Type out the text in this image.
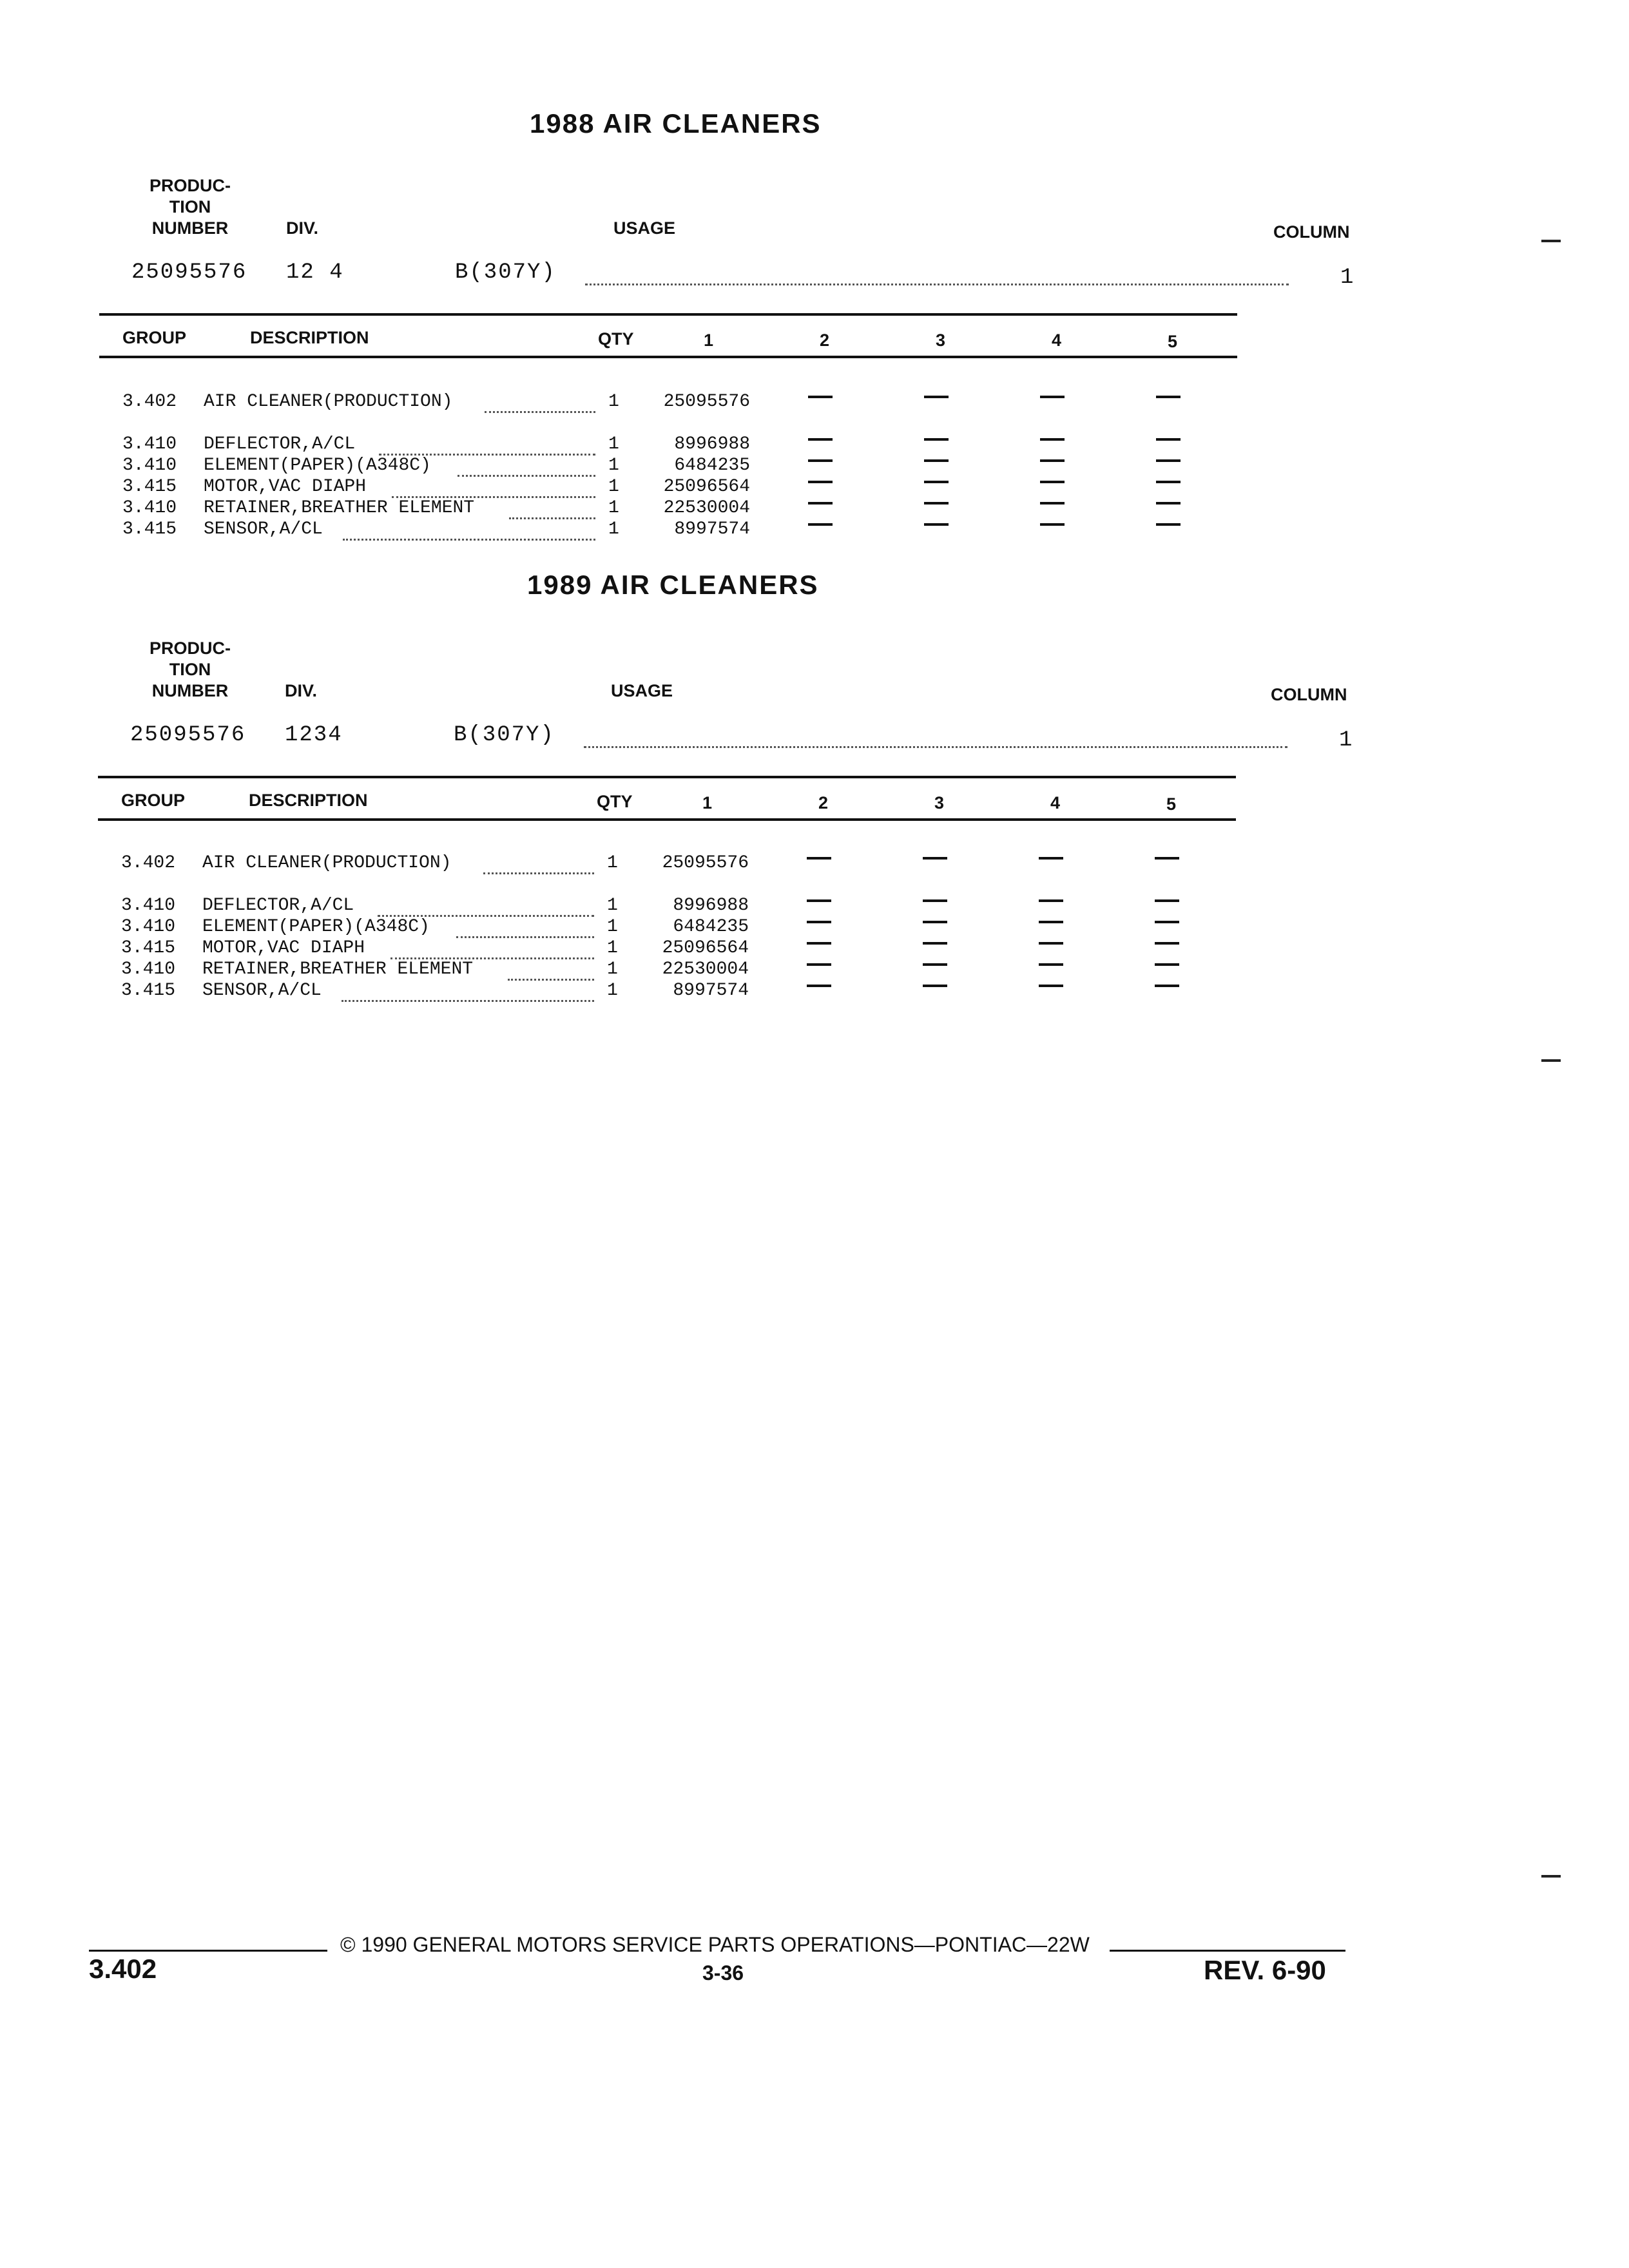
1988 AIR CLEANERS
PRODUC-
TION
NUMBER	DIV.	USAGE	COLUMN
25095576 12 4	B(307Y)	1
GROUP	DESCRIPTION	QTY	1	2	3	4	5
3.402 AIR CLEANER(PRODUCTION)	1	25095576
3.410 DEFLECTOR,A/CL	1	8996988
3.410 ELEMENT(PAPER)(A348C)	1	6484235
3.415 MOTOR,VAC DIAPH	1	25096564
3.410 RETAINER,BREATHER ELEMENT	1	22530004
3.415 SENSOR,A/CL	1	8997574
1989 AIR CLEANERS
PRODUC-
TION
NUMBER	DIV.	USAGE	COLUMN
25095576 1234	B(307Y)	1
GROUP	DESCRIPTION	QTY	1	2	3	4	5
3.402 AIR CLEANER(PRODUCTION)	1	25095576
3.410 DEFLECTOR,A/CL	1	8996988
3.410 ELEMENT(PAPER)(A348C)	1	6484235
3.415 MOTOR,VAC DIAPH	1	25096564
3.410 RETAINER,BREATHER ELEMENT	1	22530004
3.415 SENSOR,A/CL	1	8997574
© 1990 GENERAL MOTORS SERVICE PARTS OPERATIONS—PONTIAC—22W
3.402	3-36	REV. 6-90
